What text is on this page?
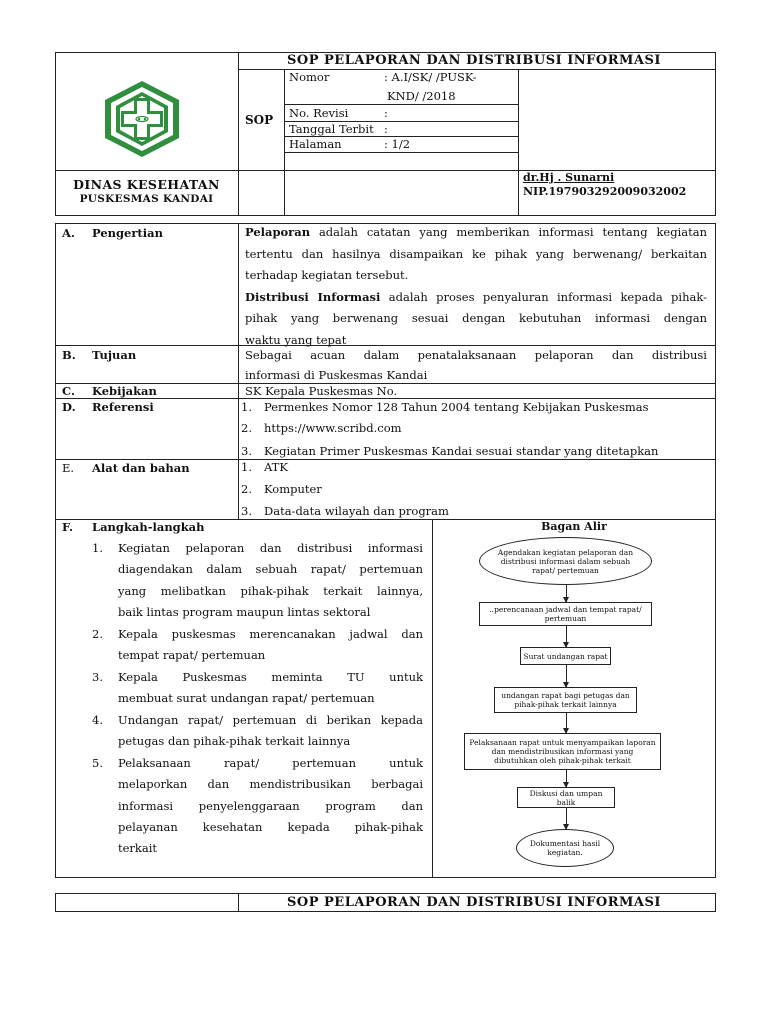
SOP PELAPORAN DAN DISTRIBUSI INFORMASI
SOP
Nomor	: A.I/SK/ /PUSK-
KND/ /2018
No. Revisi	:
Tanggal Terbit :
Halaman	: 1/2
DINAS KESEHATAN
PUSKESMAS KANDAI
dr.Hj . Sunarni
NIP.197903292009032002
A. Pengertian	Pelaporan adalah catatan yang memberikan informasi tentang kegiatan
tertentu dan hasilnya disampaikan ke pihak yang berwenang/ berkaitan
terhadap kegiatan tersebut.
Distribusi Informasi adalah proses penyaluran informasi kepada pihak-
pihak yang berwenang sesuai dengan kebutuhan informasi dengan
waktu yang tepat
B. Tujuan	Sebagai acuan dalam penatalaksanaan pelaporan dan distribusi
informasi di Puskesmas Kandai
C. Kebijakan	SK Kepala Puskesmas No.
D. Referensi	1. Permenkes Nomor 128 Tahun 2004 tentang Kebijakan Puskesmas
2. https://www.scribd.com
3. Kegiatan Primer Puskesmas Kandai sesuai standar yang ditetapkan
E. Alat dan bahan	1. ATK
2. Komputer
3. Data-data wilayah dan program
F. Langkah-langkah	Bagan Alir
1. Kegiatan pelaporan dan distribusi informasi
diagendakan dalam sebuah rapat/ pertemuan
yang melibatkan pihak-pihak terkait lainnya,
baik lintas program maupun lintas sektoral
2. Kepala puskesmas merencanakan jadwal dan
tempat rapat/ pertemuan
3. Kepala Puskesmas meminta TU untuk
membuat surat undangan rapat/ pertemuan
4. Undangan rapat/ pertemuan di berikan kepada
petugas dan pihak-pihak terkait lainnya
5. Pelaksanaan rapat/ pertemuan untuk
melaporkan dan mendistribusikan berbagai
informasi penyelenggaraan program dan
pelayanan kesehatan kepada pihak-pihak
terkait
Agendakan kegiatan pelaporan dan distribusi informasi dalam sebuah rapat/ pertemuan
..perencanaan jadwal dan tempat rapat/ pertemuan
Surat undangan rapat
undangan rapat bagi petugas dan pihak-pihak terkait lainnya
Pelaksanaan rapat untuk menyampaikan laporan dan mendistribusikan informasi yang dibutuhkan oleh pihak-pihak terkait
Diskusi dan umpan balik
Dokumentasi hasil kegiatan.
SOP PELAPORAN DAN DISTRIBUSI INFORMASI
